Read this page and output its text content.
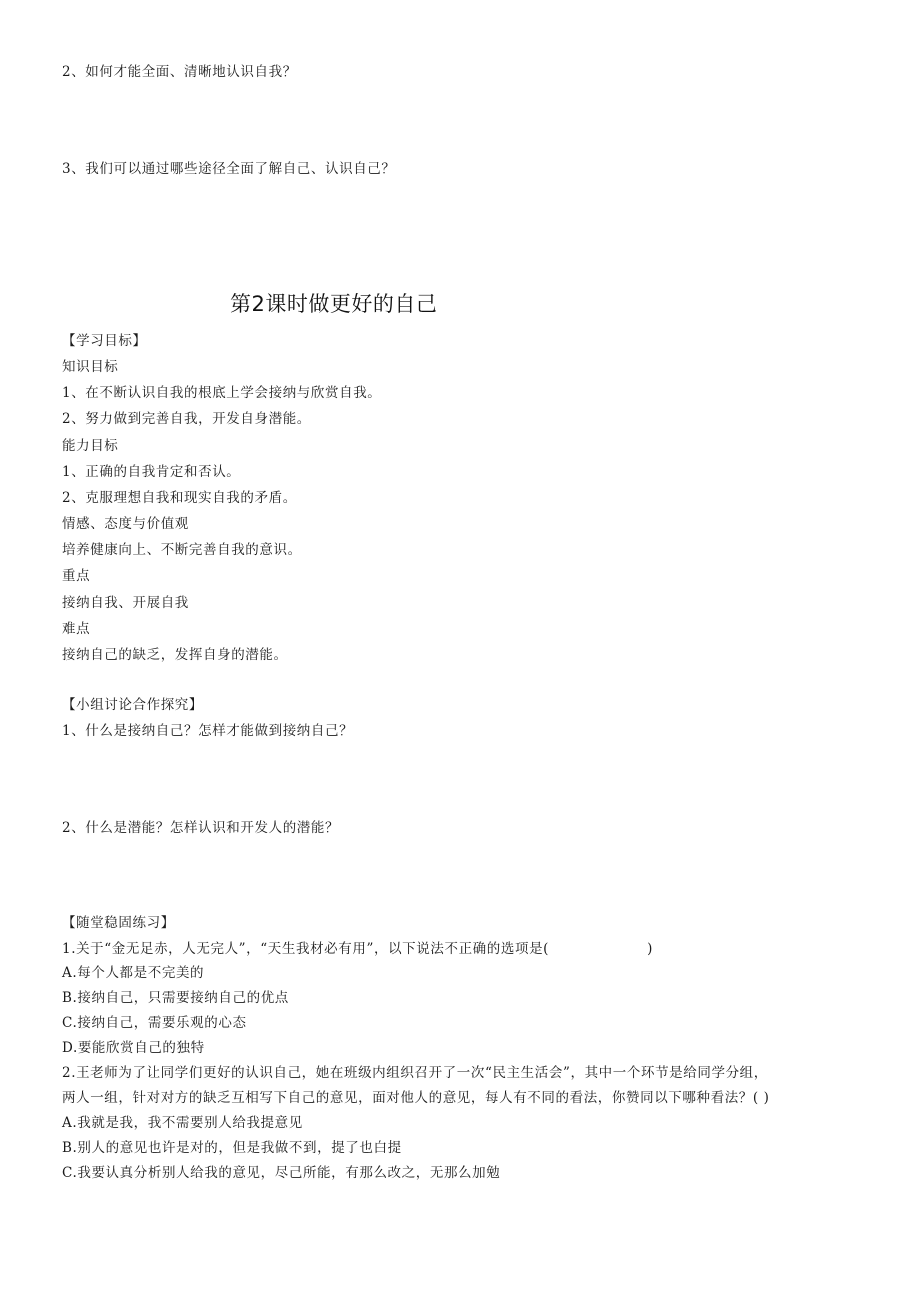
2、如何才能全面、清晰地认识自我？
3、我们可以通过哪些途径全面了解自己、认识自己？
第2课时做更好的自己
【学习目标】
知识目标
1、在不断认识自我的根底上学会接纳与欣赏自我。
2、努力做到完善自我，开发自身潜能。
能力目标
1、正确的自我肯定和否认。
2、克服理想自我和现实自我的矛盾。
情感、态度与价值观
培养健康向上、不断完善自我的意识。
重点
接纳自我、开展自我
难点
接纳自己的缺乏，发挥自身的潜能。
【小组讨论合作探究】
1、什么是接纳自己？怎样才能做到接纳自己？
2、什么是潜能？怎样认识和开发人的潜能？
【随堂稳固练习】
1.关于“金无足赤，人无完人”，“天生我材必有用”，以下说法不正确的选项是(	)
A.每个人都是不完美的
B.接纳自己，只需要接纳自己的优点
C.接纳自己，需要乐观的心态
D.要能欣赏自己的独特
2.王老师为了让同学们更好的认识自己，她在班级内组织召开了一次“民主生活会”，其中一个环节是给同学分组，
两人一组，针对对方的缺乏互相写下自己的意见，面对他人的意见，每人有不同的看法，你赞同以下哪种看法？( )
A.我就是我，我不需要别人给我提意见
B.别人的意见也许是对的，但是我做不到，提了也白提
C.我要认真分析别人给我的意见，尽己所能，有那么改之，无那么加勉
